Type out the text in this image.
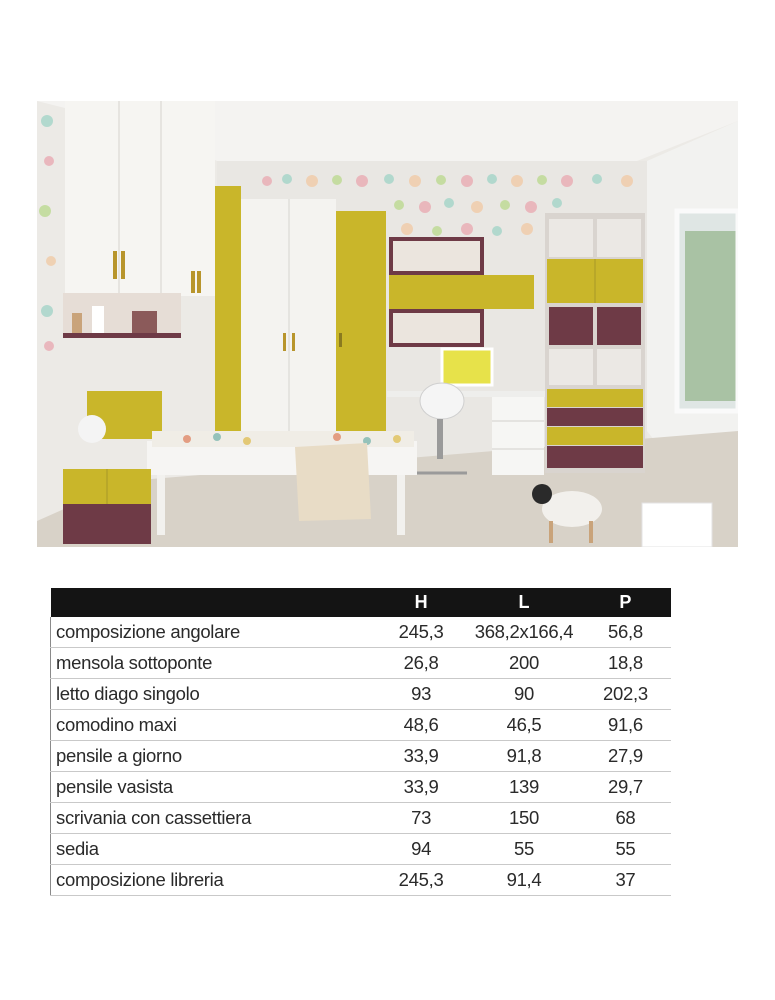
	H	L	P
composizione angolare	245,3	368,2x166,4	56,8
mensola sottoponte	26,8	200	18,8
letto diago singolo	93	90	202,3
comodino maxi	48,6	46,5	91,6
pensile a giorno	33,9	91,8	27,9
pensile vasista	33,9	139	29,7
scrivania con cassettiera	73	150	68
sedia	94	55	55
composizione libreria	245,3	91,4	37
